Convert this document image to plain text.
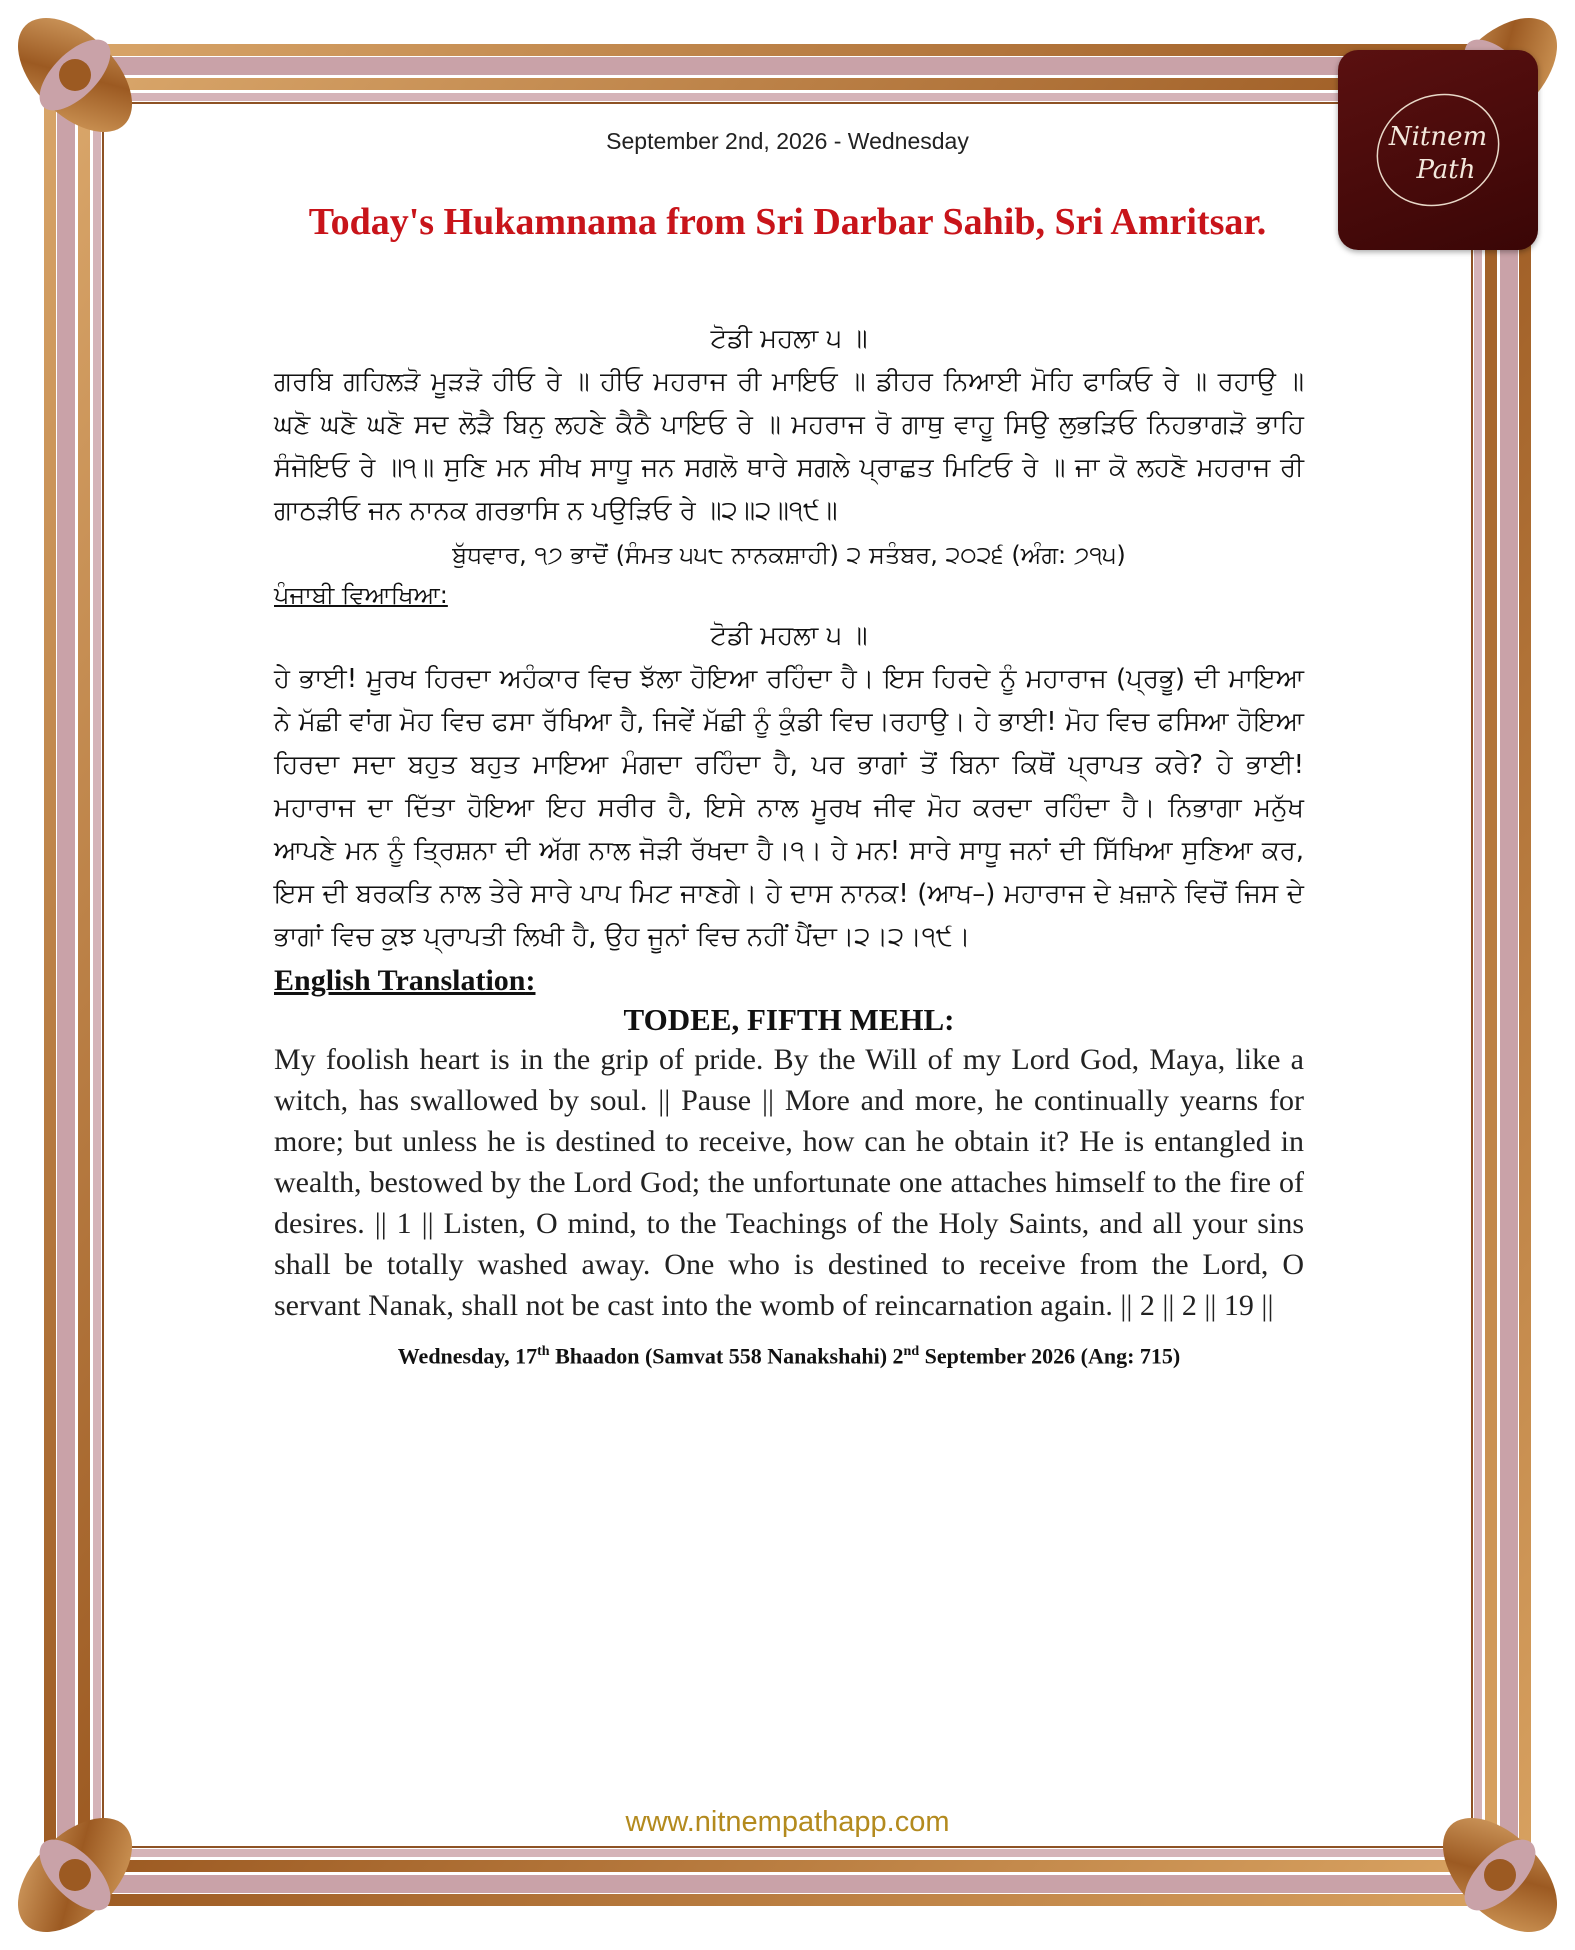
Nitnem
Path
September 2nd, 2026 - Wednesday
Today's Hukamnama from Sri Darbar Sahib, Sri Amritsar.
ਟੋਡੀ ਮਹਲਾ ੫ ॥
ਗਰਬਿ ਗਹਿਲੜੋ ਮੂੜੜੋ ਹੀਓ ਰੇ ॥ ਹੀਓ ਮਹਰਾਜ ਰੀ ਮਾਇਓ ॥ ਡੀਹਰ ਨਿਆਈ ਮੋਹਿ ਫਾਕਿਓ ਰੇ ॥ ਰਹਾਉ ॥ ਘਣੋ ਘਣੋ ਘਣੋ ਸਦ ਲੋੜੈ ਬਿਨੁ ਲਹਣੇ ਕੈਠੈ ਪਾਇਓ ਰੇ ॥ ਮਹਰਾਜ ਰੋ ਗਾਥੁ ਵਾਹੂ ਸਿਉ ਲੁਭੜਿਓ ਨਿਹਭਾਗੜੋ ਭਾਹਿ ਸੰਜੋਇਓ ਰੇ ॥੧॥ ਸੁਣਿ ਮਨ ਸੀਖ ਸਾਧੂ ਜਨ ਸਗਲੋ ਥਾਰੇ ਸਗਲੇ ਪ੍ਰਾਛਤ ਮਿਟਿਓ ਰੇ ॥ ਜਾ ਕੋ ਲਹਣੋ ਮਹਰਾਜ ਰੀ ਗਾਠੜੀਓ ਜਨ ਨਾਨਕ ਗਰਭਾਸਿ ਨ ਪਉੜਿਓ ਰੇ ॥੨॥੨॥੧੯॥
ਬੁੱਧਵਾਰ, ੧੭ ਭਾਦੋਂ (ਸੰਮਤ ੫੫੮ ਨਾਨਕਸ਼ਾਹੀ) ੨ ਸਤੰਬਰ, ੨੦੨੬ (ਅੰਗ: ੭੧੫)
ਪੰਜਾਬੀ ਵਿਆਖਿਆ:
ਟੋਡੀ ਮਹਲਾ ੫ ॥
ਹੇ ਭਾਈ! ਮੂਰਖ ਹਿਰਦਾ ਅਹੰਕਾਰ ਵਿਚ ਝੱਲਾ ਹੋਇਆ ਰਹਿੰਦਾ ਹੈ। ਇਸ ਹਿਰਦੇ ਨੂੰ ਮਹਾਰਾਜ (ਪ੍ਰਭੂ) ਦੀ ਮਾਇਆ ਨੇ ਮੱਛੀ ਵਾਂਗ ਮੋਹ ਵਿਚ ਫਸਾ ਰੱਖਿਆ ਹੈ, ਜਿਵੇਂ ਮੱਛੀ ਨੂੰ ਕੁੰਡੀ ਵਿਚ।ਰਹਾਉ। ਹੇ ਭਾਈ! ਮੋਹ ਵਿਚ ਫਸਿਆ ਹੋਇਆ ਹਿਰਦਾ ਸਦਾ ਬਹੁਤ ਬਹੁਤ ਮਾਇਆ ਮੰਗਦਾ ਰਹਿੰਦਾ ਹੈ, ਪਰ ਭਾਗਾਂ ਤੋਂ ਬਿਨਾ ਕਿਥੋਂ ਪ੍ਰਾਪਤ ਕਰੇ? ਹੇ ਭਾਈ! ਮਹਾਰਾਜ ਦਾ ਦਿੱਤਾ ਹੋਇਆ ਇਹ ਸਰੀਰ ਹੈ, ਇਸੇ ਨਾਲ ਮੂਰਖ ਜੀਵ ਮੋਹ ਕਰਦਾ ਰਹਿੰਦਾ ਹੈ। ਨਿਭਾਗਾ ਮਨੁੱਖ ਆਪਣੇ ਮਨ ਨੂੰ ਤ੍ਰਿਸ਼ਨਾ ਦੀ ਅੱਗ ਨਾਲ ਜੋੜੀ ਰੱਖਦਾ ਹੈ।੧। ਹੇ ਮਨ! ਸਾਰੇ ਸਾਧੂ ਜਨਾਂ ਦੀ ਸਿੱਖਿਆ ਸੁਣਿਆ ਕਰ, ਇਸ ਦੀ ਬਰਕਤਿ ਨਾਲ ਤੇਰੇ ਸਾਰੇ ਪਾਪ ਮਿਟ ਜਾਣਗੇ। ਹੇ ਦਾਸ ਨਾਨਕ! (ਆਖ–) ਮਹਾਰਾਜ ਦੇ ਖ਼ਜ਼ਾਨੇ ਵਿਚੋਂ ਜਿਸ ਦੇ ਭਾਗਾਂ ਵਿਚ ਕੁਝ ਪ੍ਰਾਪਤੀ ਲਿਖੀ ਹੈ, ਉਹ ਜੂਨਾਂ ਵਿਚ ਨਹੀਂ ਪੈਂਦਾ।੨।੨।੧੯।
English Translation:
TODEE, FIFTH MEHL:
My foolish heart is in the grip of pride. By the Will of my Lord God, Maya, like a witch, has swallowed by soul. || Pause || More and more, he continually yearns for more; but unless he is destined to receive, how can he obtain it? He is entangled in wealth, bestowed by the Lord God; the unfortunate one attaches himself to the fire of desires. || 1 || Listen, O mind, to the Teachings of the Holy Saints, and all your sins shall be totally washed away. One who is destined to receive from the Lord, O servant Nanak, shall not be cast into the womb of reincarnation again. || 2 || 2 || 19 ||
Wednesday, 17th Bhaadon (Samvat 558 Nanakshahi) 2nd September 2026 (Ang: 715)
www.nitnempathapp.com
